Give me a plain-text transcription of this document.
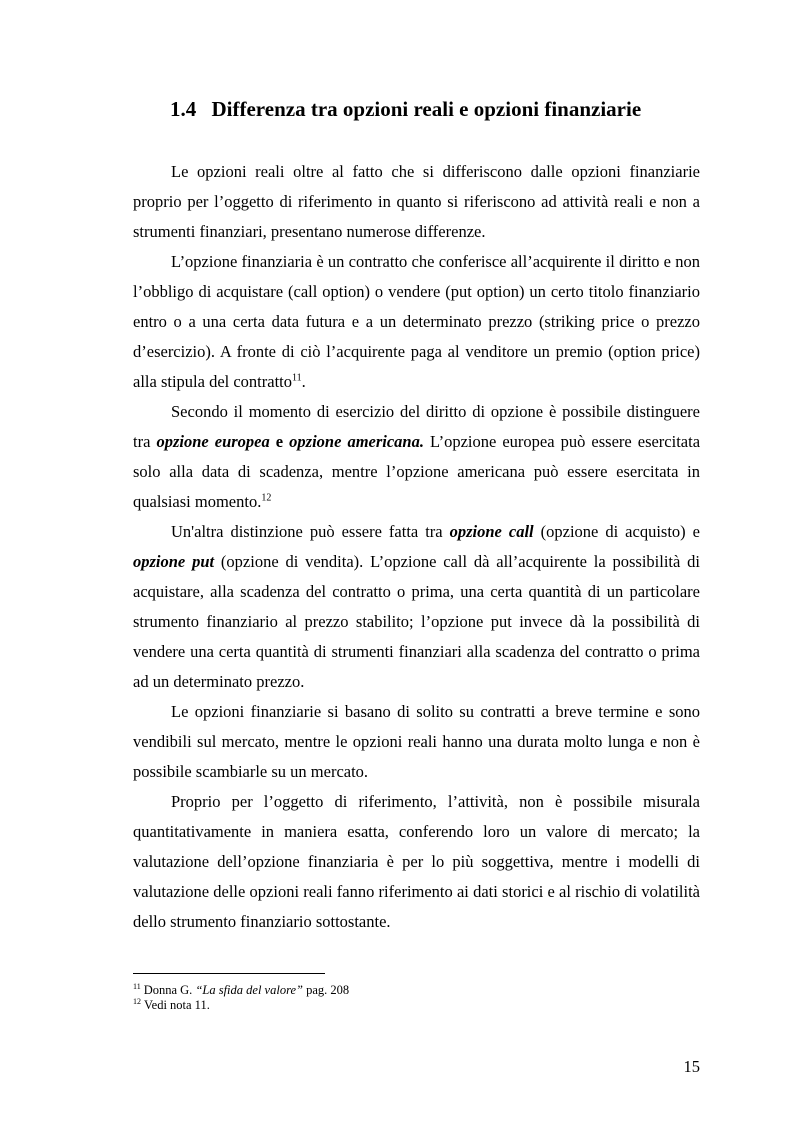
1.4 Differenza tra opzioni reali e opzioni finanziarie

Le opzioni reali oltre al fatto che si differiscono dalle opzioni finanziarie proprio per l’oggetto di riferimento in quanto si riferiscono ad attività reali e non a strumenti finanziari, presentano numerose differenze.

L’opzione finanziaria è un contratto che conferisce all’acquirente il diritto e non l’obbligo di acquistare (call option) o vendere (put option) un certo titolo finanziario entro o a una certa data futura e a un determinato prezzo (striking price o prezzo d’esercizio). A fronte di ciò l’acquirente paga al venditore un premio (option price) alla stipula del contratto$^{11}$.

Secondo il momento di esercizio del diritto di opzione è possibile distinguere tra opzione europea e opzione americana. L’opzione europea può essere esercitata solo alla data di scadenza, mentre l’opzione americana può essere esercitata in qualsiasi momento.$^{12}$

Un'altra distinzione può essere fatta tra opzione call (opzione di acquisto) e opzione put (opzione di vendita). L’opzione call dà all’acquirente la possibilità di acquistare, alla scadenza del contratto o prima, una certa quantità di un particolare strumento finanziario al prezzo stabilito; l’opzione put invece dà la possibilità di vendere una certa quantità di strumenti finanziari alla scadenza del contratto o prima ad un determinato prezzo.

Le opzioni finanziarie si basano di solito su contratti a breve termine e sono vendibili sul mercato, mentre le opzioni reali hanno una durata molto lunga e non è possibile scambiarle su un mercato.

Proprio per l’oggetto di riferimento, l’attività, non è possibile misurala quantitativamente in maniera esatta, conferendo loro un valore di mercato; la valutazione dell’opzione finanziaria è per lo più soggettiva, mentre i modelli di valutazione delle opzioni reali fanno riferimento ai dati storici e al rischio di volatilità dello strumento finanziario sottostante.

$^{11}$ Donna G. “La sfida del valore” pag. 208
$^{12}$ Vedi nota 11.
15
